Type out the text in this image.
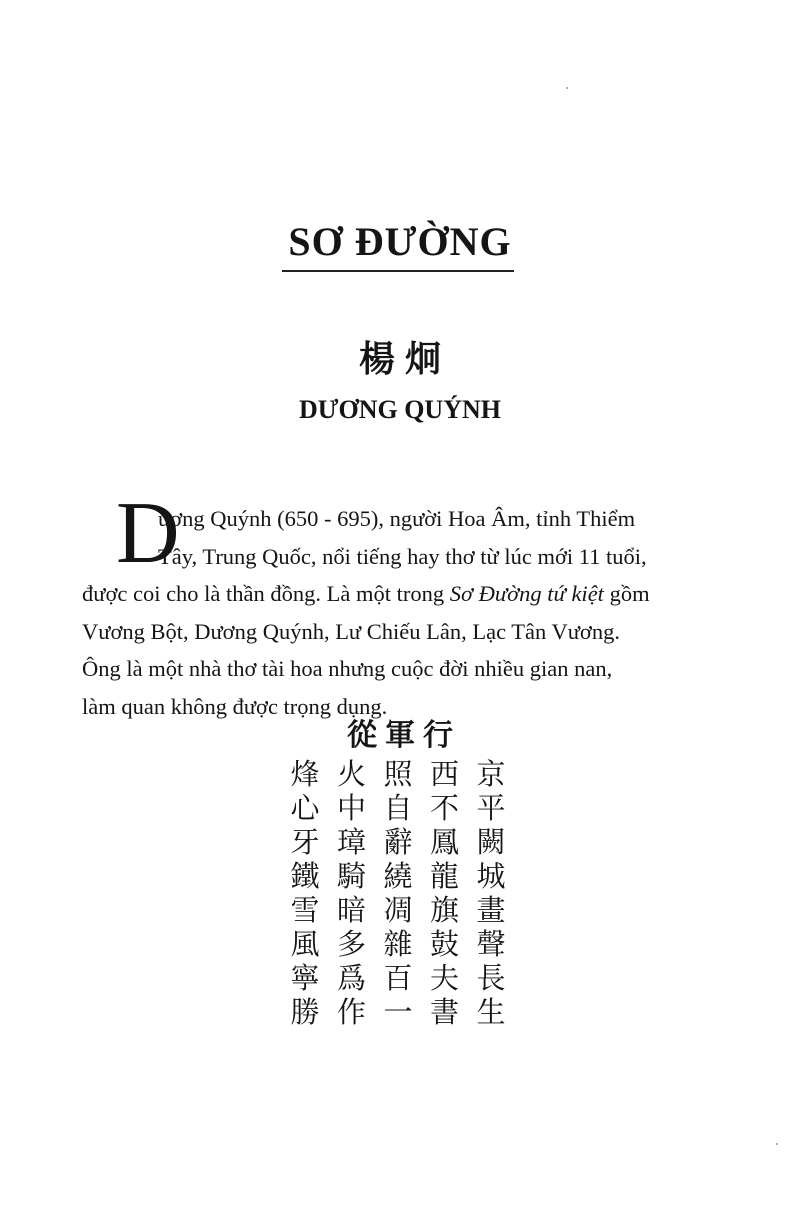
SƠ ĐƯỜNG
楊炯
DƯƠNG QUÝNH
D
ương Quýnh (650 - 695), người Hoa Âm, tỉnh Thiểm
Tây, Trung Quốc, nổi tiếng hay thơ từ lúc mới 11 tuổi,
được coi cho là thần đồng. Là một trong Sơ Đường tứ kiệt gồm
Vương Bột, Dương Quýnh, Lư Chiếu Lân, Lạc Tân Vương.
Ông là một nhà thơ tài hoa nhưng cuộc đời nhiều gian nan,
làm quan không được trọng dụng.
從軍行
京
平
闕
城
畫
聲
長
生
西
不
鳳
龍
旗
鼓
夫
書
照
自
辭
繞
凋
雜
百
一
火
中
璋
騎
暗
多
爲
作
烽
心
牙
鐵
雪
風
寧
勝
